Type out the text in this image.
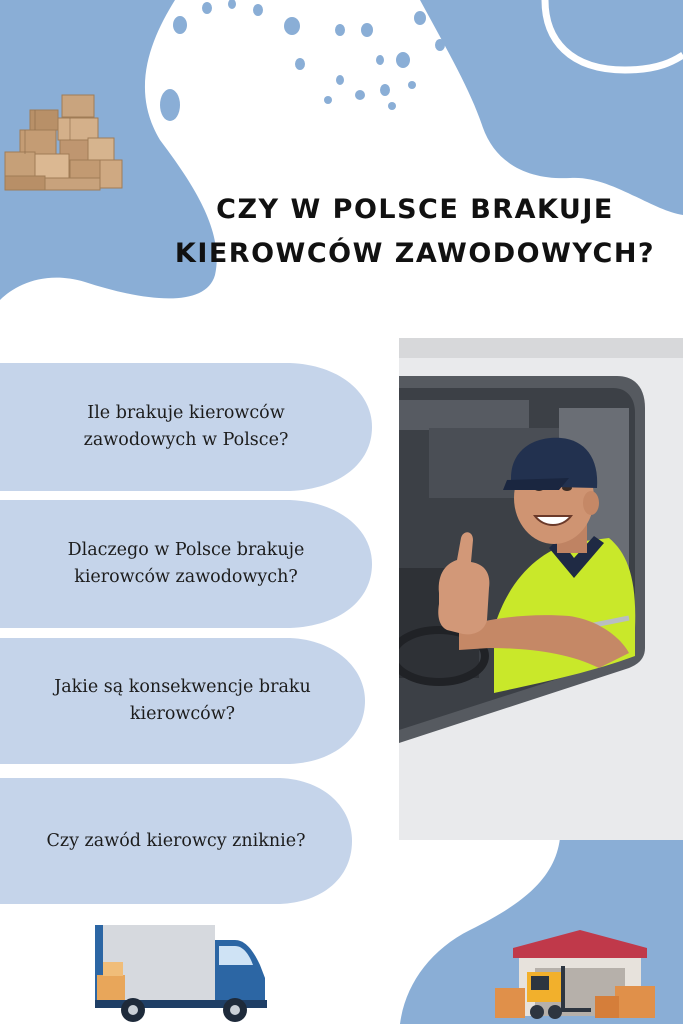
CZY W POLSCE BRAKUJE
KIEROWCÓW ZAWODOWYCH?
Ile brakuje kierowców
zawodowych w Polsce?
Dlaczego w Polsce brakuje
kierowców zawodowych?
Jakie są konsekwencje braku
kierowców?
Czy zawód kierowcy zniknie?
